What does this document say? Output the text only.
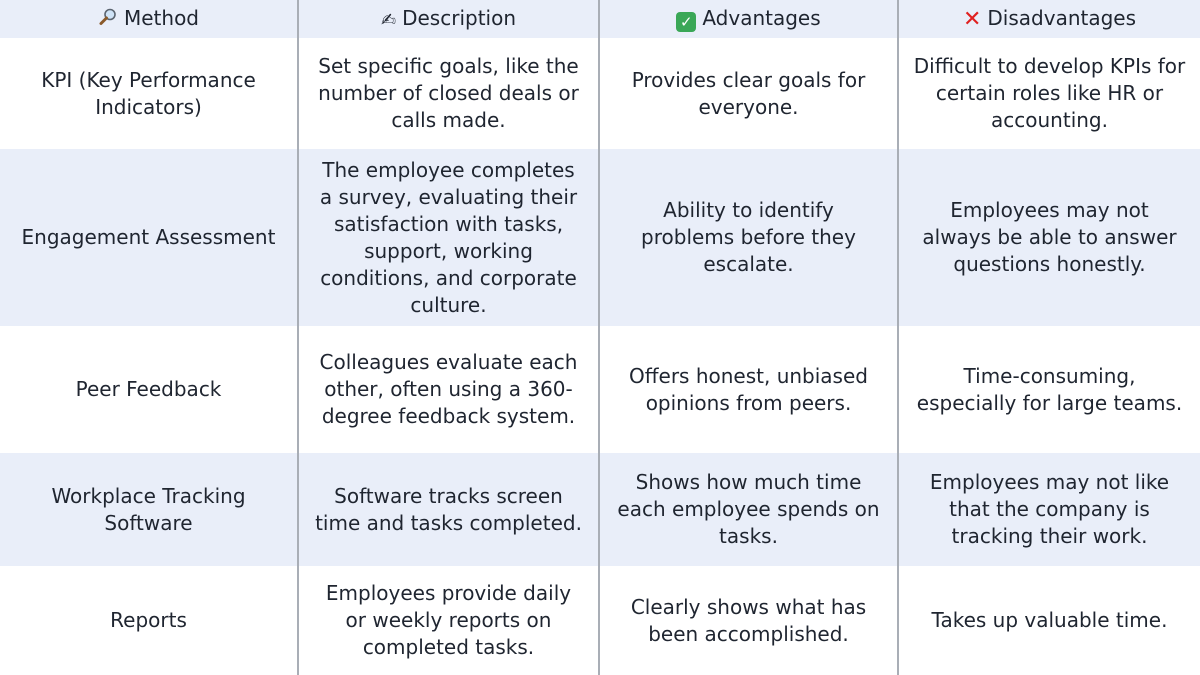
Method	✍ Description	✓ Advantages	✕ Disadvantages
KPI (Key Performance Indicators)	Set specific goals, like the number of closed deals or calls made.	Provides clear goals for everyone.	Difficult to develop KPIs for certain roles like HR or accounting.
Engagement Assessment	The employee completes a survey, evaluating their satisfaction with tasks, support, working conditions, and corporate culture.	Ability to identify problems before they escalate.	Employees may not always be able to answer questions honestly.
Peer Feedback	Colleagues evaluate each other, often using a 360-degree feedback system.	Offers honest, unbiased opinions from peers.	Time-consuming, especially for large teams.
Workplace Tracking Software	Software tracks screen time and tasks completed.	Shows how much time each employee spends on tasks.	Employees may not like that the company is tracking their work.
Reports	Employees provide daily or weekly reports on completed tasks.	Clearly shows what has been accomplished.	Takes up valuable time.
